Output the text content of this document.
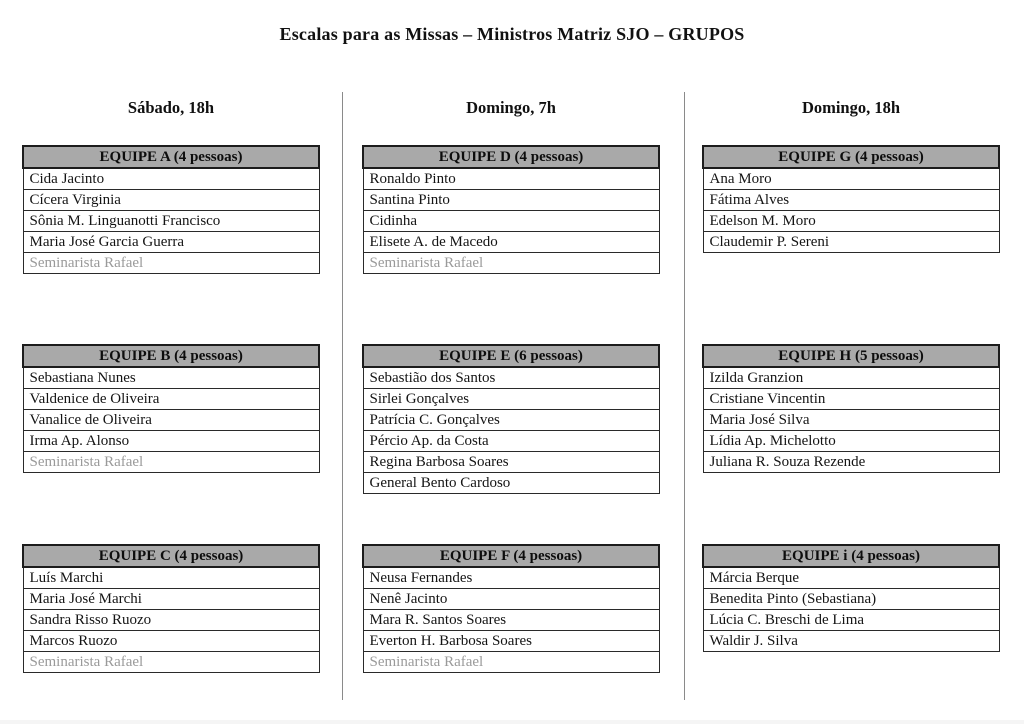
Escalas para as Missas – Ministros Matriz SJO – GRUPOS
Sábado, 18h
EQUIPE A (4 pessoas)
Cida Jacinto
Cícera Virginia
Sônia M. Linguanotti Francisco
Maria José Garcia Guerra
Seminarista Rafael
EQUIPE B (4 pessoas)
Sebastiana Nunes
Valdenice de Oliveira
Vanalice de Oliveira
Irma Ap. Alonso
Seminarista Rafael
EQUIPE C (4 pessoas)
Luís Marchi
Maria José Marchi
Sandra Risso Ruozo
Marcos Ruozo
Seminarista Rafael
Domingo, 7h
EQUIPE D (4 pessoas)
Ronaldo Pinto
Santina Pinto
Cidinha
Elisete A. de Macedo
Seminarista Rafael
EQUIPE E (6 pessoas)
Sebastião dos Santos
Sirlei Gonçalves
Patrícia C. Gonçalves
Pércio Ap. da Costa
Regina Barbosa Soares
General Bento Cardoso
EQUIPE F (4 pessoas)
Neusa Fernandes
Nenê Jacinto
Mara R. Santos Soares
Everton H. Barbosa Soares
Seminarista Rafael
Domingo, 18h
EQUIPE G (4 pessoas)
Ana Moro
Fátima Alves
Edelson M. Moro
Claudemir P. Sereni
EQUIPE H (5 pessoas)
Izilda Granzion
Cristiane Vincentin
Maria José Silva
Lídia Ap. Michelotto
Juliana R. Souza Rezende
EQUIPE i (4 pessoas)
Márcia Berque
Benedita Pinto (Sebastiana)
Lúcia C. Breschi de Lima
Waldir J. Silva
